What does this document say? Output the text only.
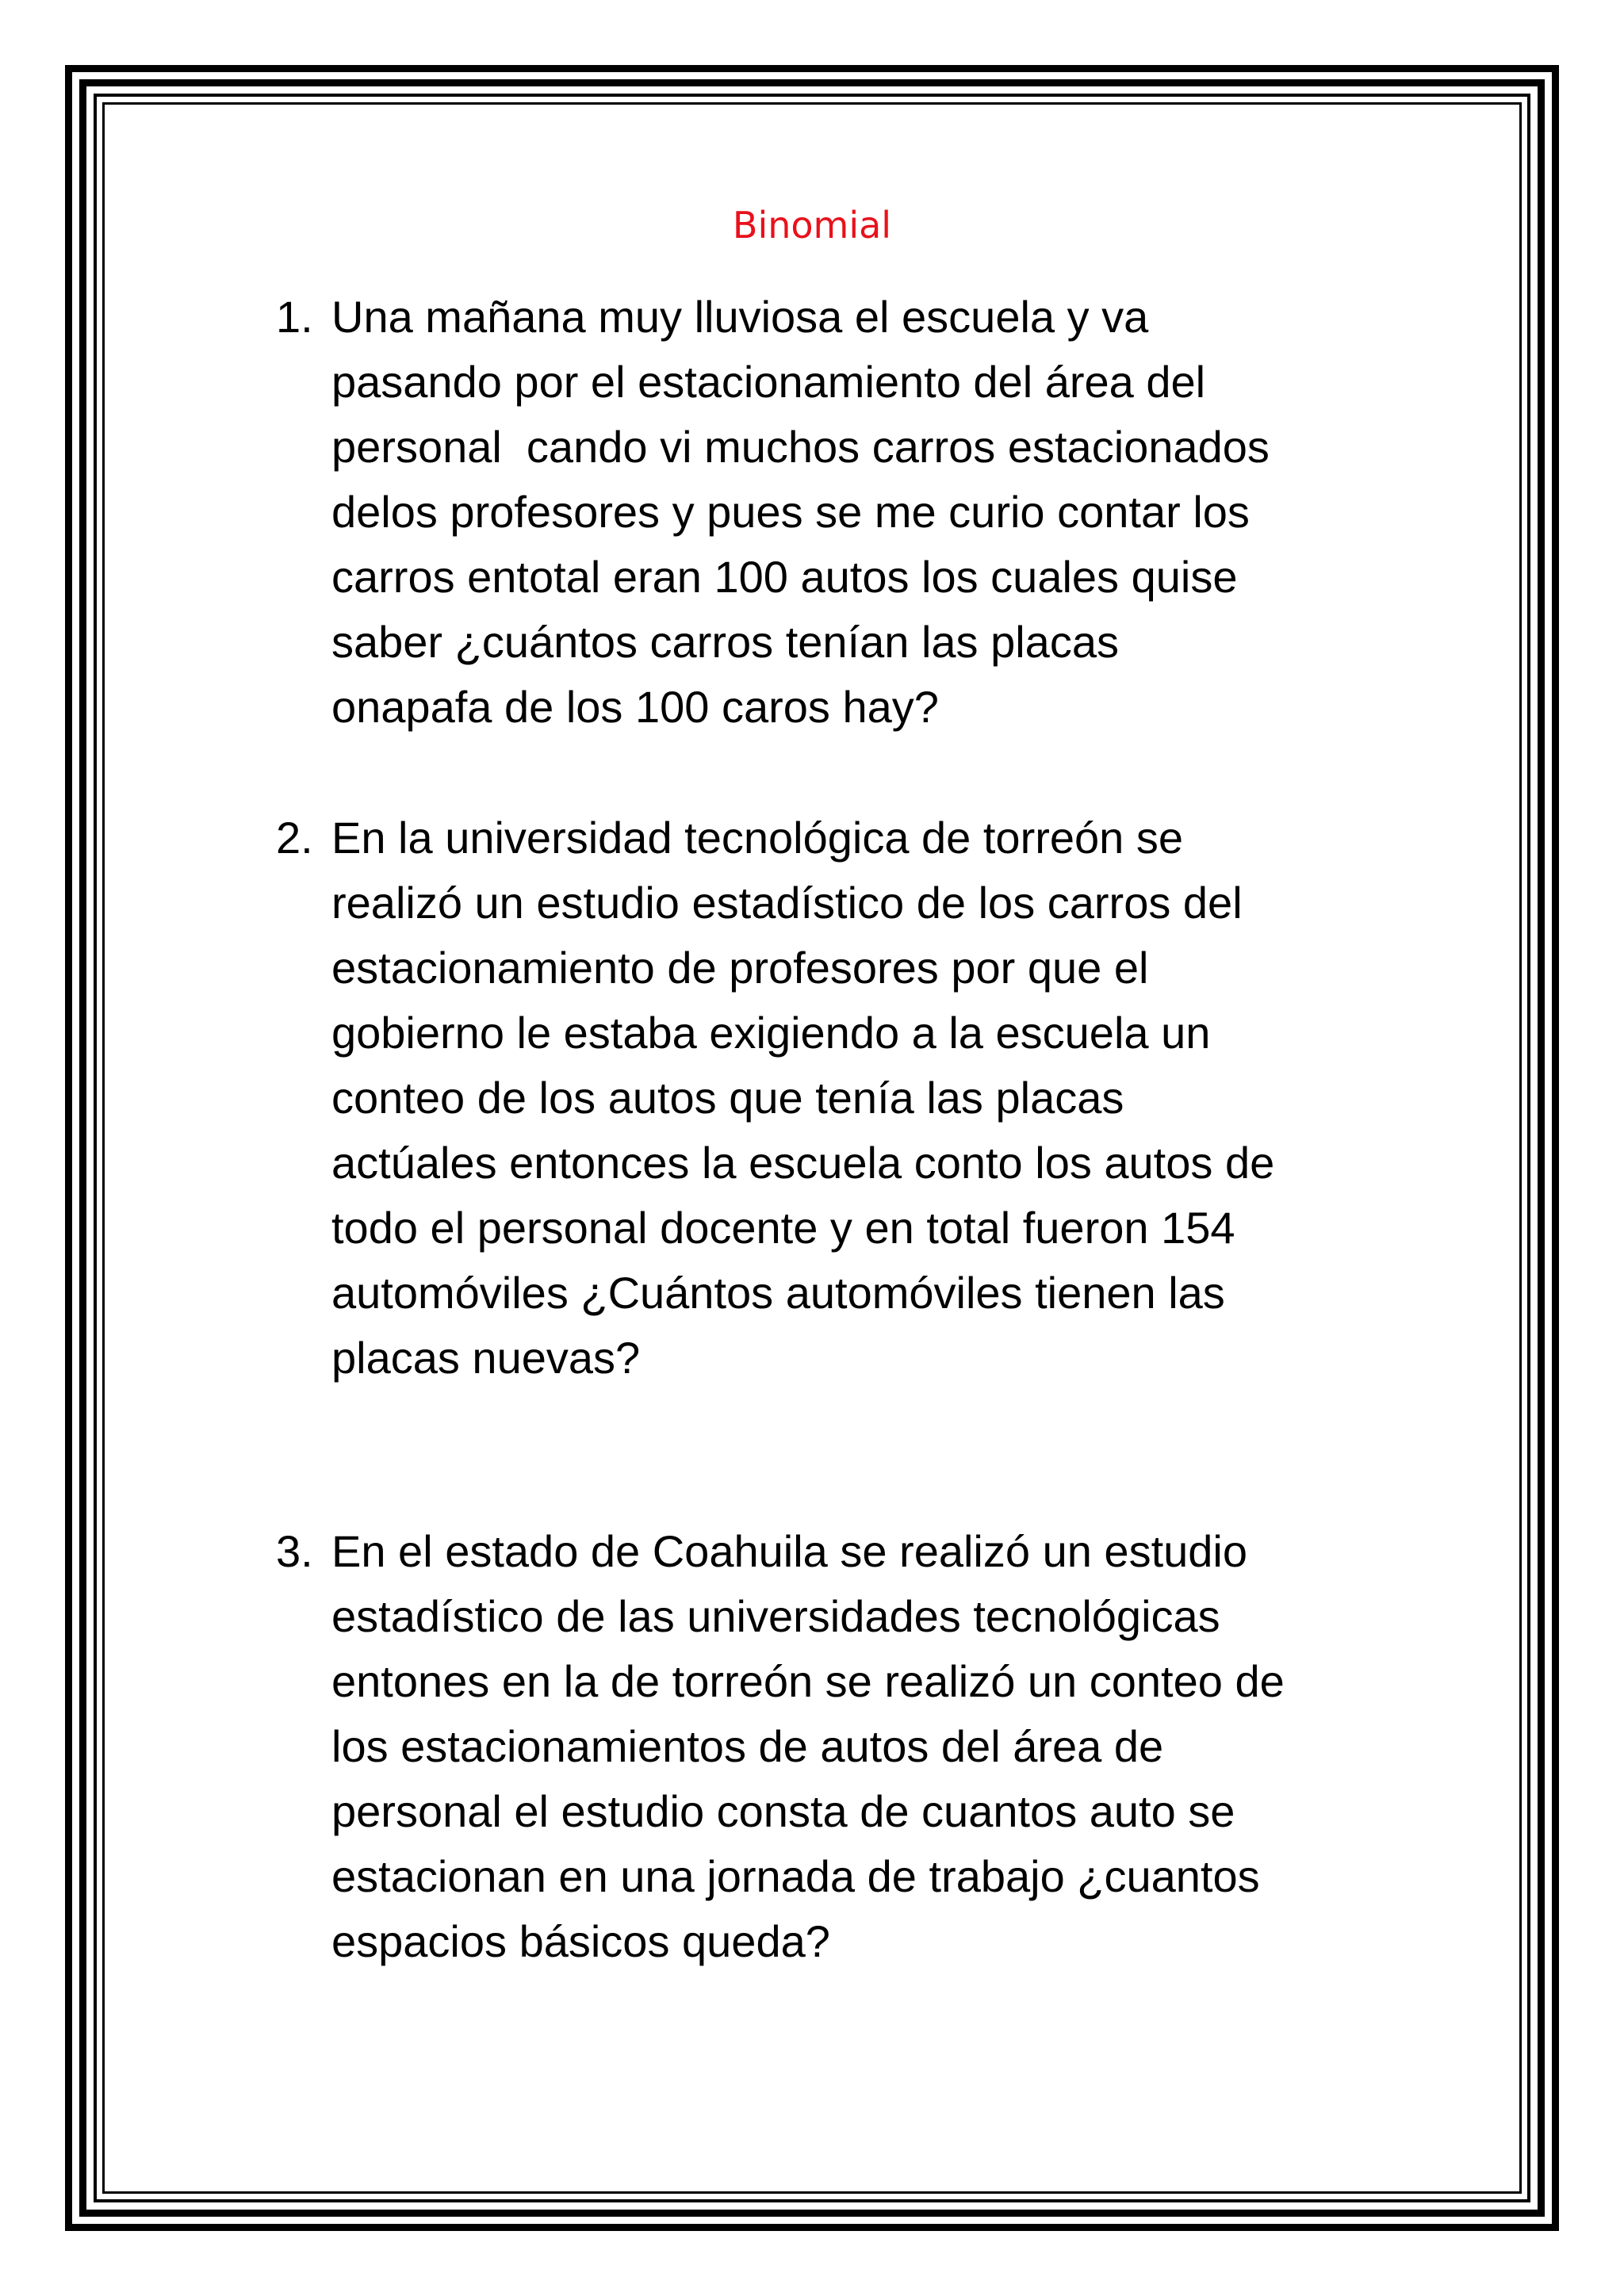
Binomial
1. Una mañana muy lluviosa el escuela y va
pasando por el estacionamiento del área del
personal  cando vi muchos carros estacionados
delos profesores y pues se me curio contar los
carros entotal eran 100 autos los cuales quise
saber ¿cuántos carros tenían las placas
onapafa de los 100 caros hay?
2. En la universidad tecnológica de torreón se
realizó un estudio estadístico de los carros del
estacionamiento de profesores por que el
gobierno le estaba exigiendo a la escuela un
conteo de los autos que tenía las placas
actúales entonces la escuela conto los autos de
todo el personal docente y en total fueron 154
automóviles ¿Cuántos automóviles tienen las
placas nuevas?
3. En el estado de Coahuila se realizó un estudio
estadístico de las universidades tecnológicas
entones en la de torreón se realizó un conteo de
los estacionamientos de autos del área de
personal el estudio consta de cuantos auto se
estacionan en una jornada de trabajo ¿cuantos
espacios básicos queda?
